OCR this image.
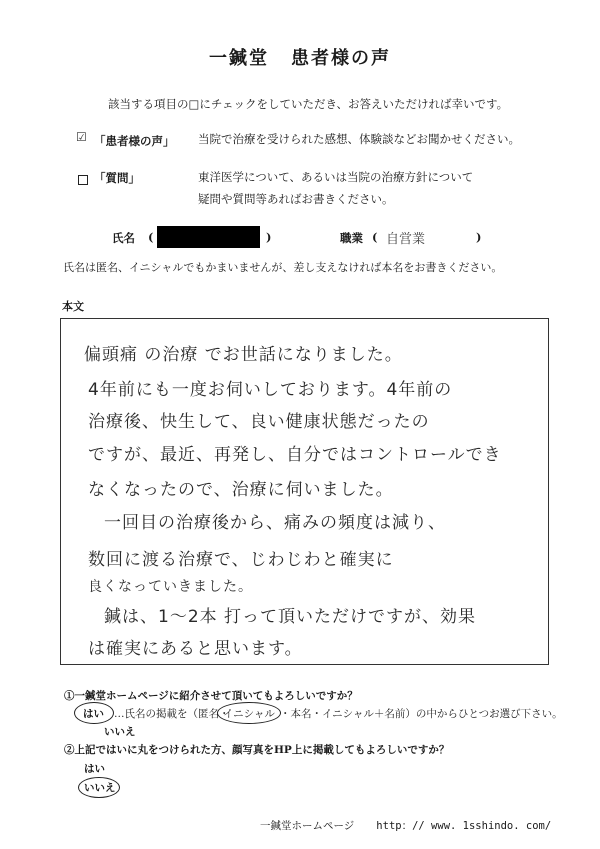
一鍼堂 患者様の声
該当する項目の□にチェックをしていただき、お答えいただければ幸いです。
☑ 「患者様の声」 当院で治療を受けられた感想、体験談などお聞かせください。
「質問」	東洋医学について、あるいは当院の治療方針について
疑問や質問等あればお書きください。
氏名 (	)	職業 ( 自営業	)
氏名は匿名、イニシャルでもかまいませんが、差し支えなければ本名をお書きください。
本文
偏頭痛 の治療 でお世話になりました。
4年前にも一度お伺いしております。4年前の
治療後、快生して、良い健康状態だったの
ですが、最近、再発し、自分ではコントロールでき
なくなったので、治療に伺いました。
一回目の治療後から、痛みの頻度は減り、
数回に渡る治療で、じわじわと確実に
良くなっていきました。
鍼は、1～2本 打って頂いただけですが、効果
は確実にあると思います。
①一鍼堂ホームページに紹介させて頂いてもよろしいですか？
はい …氏名の掲載を（匿名・
イニシャル ・本名・イニシャル＋名前）の中からひとつお選び下さい。
いいえ
②上記ではいに丸をつけられた方、顔写真をHP上に掲載してもよろしいですか？
はい
いいえ
一鍼堂ホームページ http：// www. 1sshindo. com/
